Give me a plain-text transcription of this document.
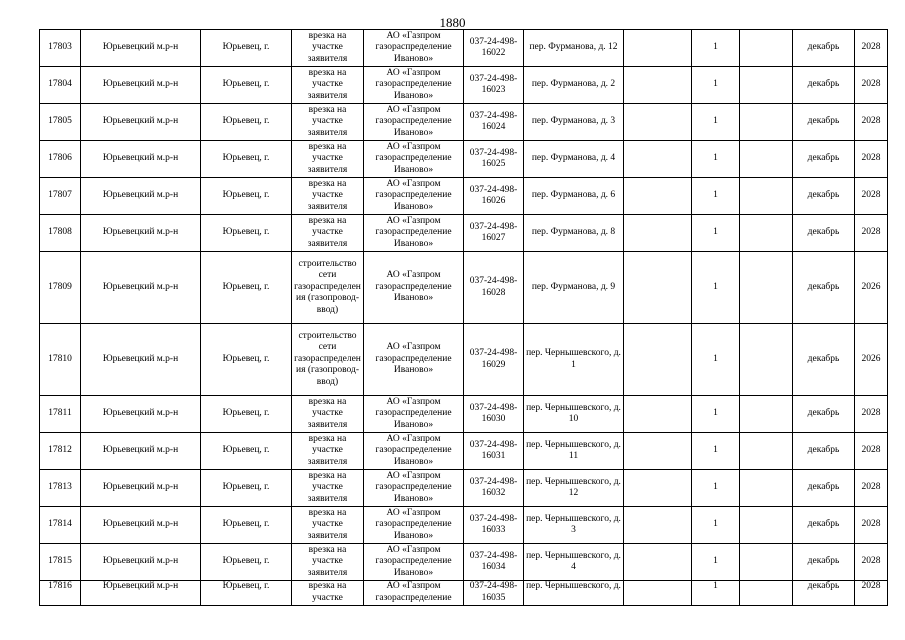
1880
17803	Юрьевецкий м.р-н	Юрьевец, г.	врезка на участке заявителя	АО «Газпром газораспределение Иваново»	037-24-498-16022	пер. Фурманова, д. 12		1		декабрь	2028
17804	Юрьевецкий м.р-н	Юрьевец, г.	врезка на участке заявителя	АО «Газпром газораспределение Иваново»	037-24-498-16023	пер. Фурманова, д. 2		1		декабрь	2028
17805	Юрьевецкий м.р-н	Юрьевец, г.	врезка на участке заявителя	АО «Газпром газораспределение Иваново»	037-24-498-16024	пер. Фурманова, д. 3		1		декабрь	2028
17806	Юрьевецкий м.р-н	Юрьевец, г.	врезка на участке заявителя	АО «Газпром газораспределение Иваново»	037-24-498-16025	пер. Фурманова, д. 4		1		декабрь	2028
17807	Юрьевецкий м.р-н	Юрьевец, г.	врезка на участке заявителя	АО «Газпром газораспределение Иваново»	037-24-498-16026	пер. Фурманова, д. 6		1		декабрь	2028
17808	Юрьевецкий м.р-н	Юрьевец, г.	врезка на участке заявителя	АО «Газпром газораспределение Иваново»	037-24-498-16027	пер. Фурманова, д. 8		1		декабрь	2028
17809	Юрьевецкий м.р-н	Юрьевец, г.	строительство сети газораспределения (газопровод-ввод)	АО «Газпром газораспределение Иваново»	037-24-498-16028	пер. Фурманова, д. 9		1		декабрь	2026
17810	Юрьевецкий м.р-н	Юрьевец, г.	строительство сети газораспределения (газопровод-ввод)	АО «Газпром газораспределение Иваново»	037-24-498-16029	пер. Чернышевского, д. 1		1		декабрь	2026
17811	Юрьевецкий м.р-н	Юрьевец, г.	врезка на участке заявителя	АО «Газпром газораспределение Иваново»	037-24-498-16030	пер. Чернышевского, д. 10		1		декабрь	2028
17812	Юрьевецкий м.р-н	Юрьевец, г.	врезка на участке заявителя	АО «Газпром газораспределение Иваново»	037-24-498-16031	пер. Чернышевского, д. 11		1		декабрь	2028
17813	Юрьевецкий м.р-н	Юрьевец, г.	врезка на участке заявителя	АО «Газпром газораспределение Иваново»	037-24-498-16032	пер. Чернышевского, д. 12		1		декабрь	2028
17814	Юрьевецкий м.р-н	Юрьевец, г.	врезка на участке заявителя	АО «Газпром газораспределение Иваново»	037-24-498-16033	пер. Чернышевского, д. 3		1		декабрь	2028
17815	Юрьевецкий м.р-н	Юрьевец, г.	врезка на участке заявителя	АО «Газпром газораспределение Иваново»	037-24-498-16034	пер. Чернышевского, д. 4		1		декабрь	2028
17816	Юрьевецкий м.р-н	Юрьевец, г.	врезка на участке	АО «Газпром газораспределение	037-24-498-16035	пер. Чернышевского, д.		1		декабрь	2028
